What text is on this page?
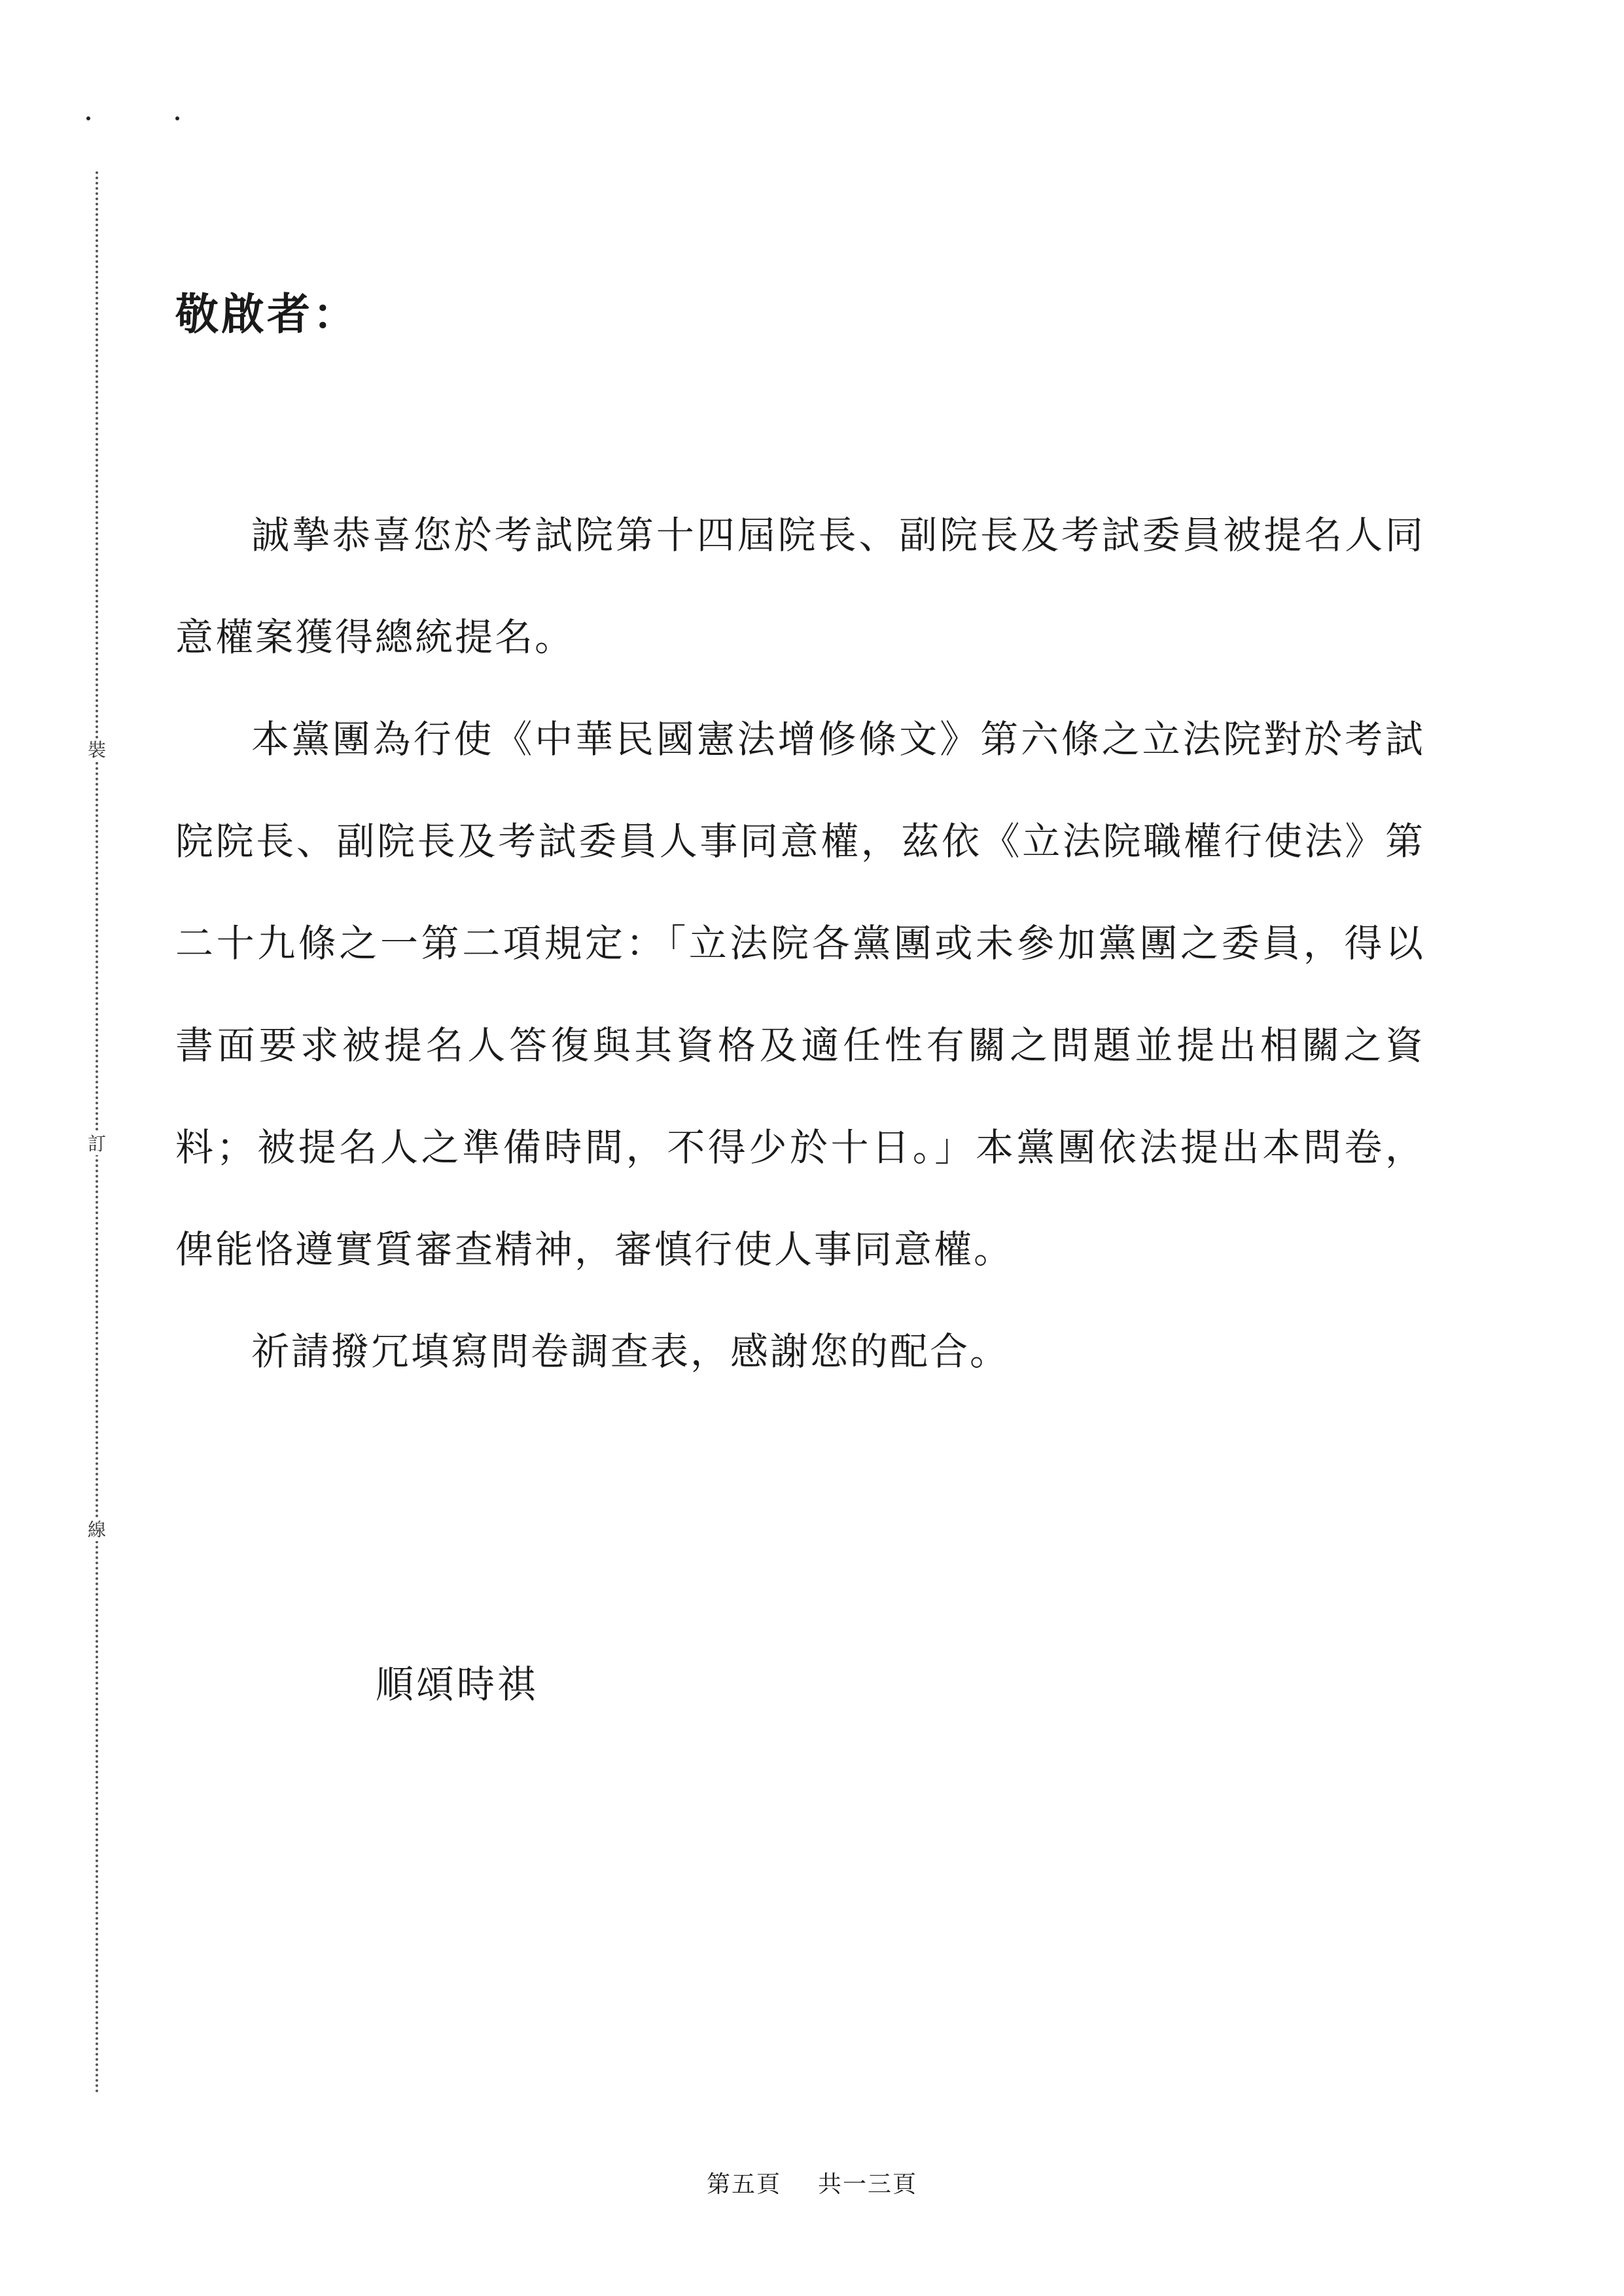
裝
訂
線
敬啟者：

誠摯恭喜您於考試院第十四屆院長、副院長及考試委員被提名人同意權案獲得總統提名。

本黨團為行使《中華民國憲法增修條文》第六條之立法院對於考試院院長、副院長及考試委員人事同意權，茲依《立法院職權行使法》第二十九條之一第二項規定：「立法院各黨團或未參加黨團之委員，得以書面要求被提名人答復與其資格及適任性有關之問題並提出相關之資料；被提名人之準備時間，不得少於十日。」本黨團依法提出本問卷，俾能恪遵實質審查精神，審慎行使人事同意權。

祈請撥冗填寫問卷調查表，感謝您的配合。

順頌時祺

第五頁 共一三頁
